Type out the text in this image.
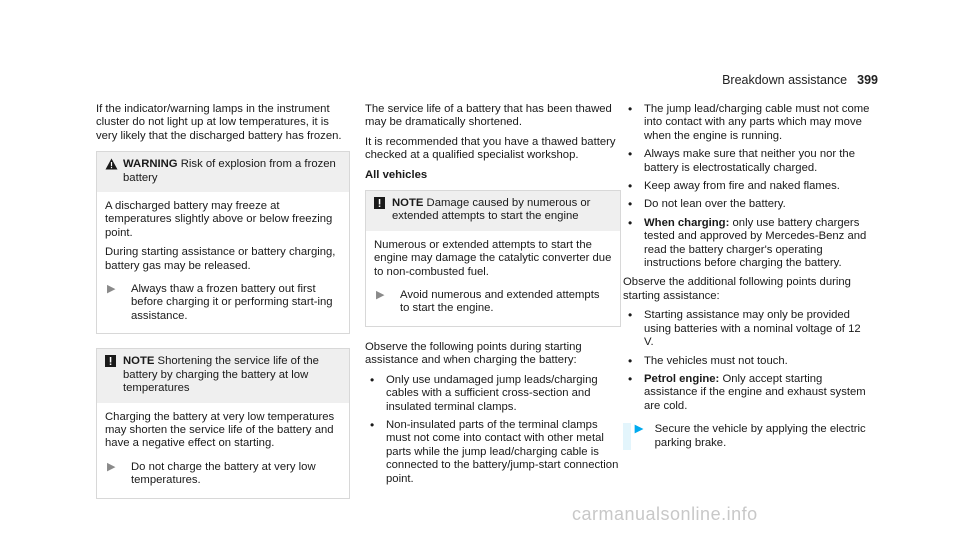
Breakdown assistance 399

If the indicator/warning lamps in the instrument cluster do not light up at low temperatures, it is very likely that the discharged battery has frozen.

WARNING Risk of explosion from a frozen battery

A discharged battery may freeze at temperatures slightly above or below freezing point.

During starting assistance or battery charging, battery gas may be released.

▶	Always thaw a frozen battery out first before charging it or performing start-ing assistance.
NOTE Shortening the service life of the battery by charging the battery at low temperatures

Charging the battery at very low temperatures may shorten the service life of the battery and have a negative effect on starting.

▶	Do not charge the battery at very low temperatures.

The service life of a battery that has been thawed may be dramatically shortened.

It is recommended that you have a thawed battery checked at a qualified specialist workshop.

All vehicles

NOTE Damage caused by numerous or extended attempts to start the engine

Numerous or extended attempts to start the engine may damage the catalytic converter due to non-combusted fuel.

▶	Avoid numerous and extended attempts to start the engine.

Observe the following points during starting assistance and when charging the battery:

•	Only use undamaged jump leads/charging cables with a sufficient cross-section and insulated terminal clamps.
•	Non-insulated parts of the terminal clamps must not come into contact with other metal parts while the jump lead/charging cable is connected to the battery/jump-start connection point.
•	The jump lead/charging cable must not come into contact with any parts which may move when the engine is running.
•	Always make sure that neither you nor the battery is electrostatically charged.
•	Keep away from fire and naked flames.
•	Do not lean over the battery.
•	When charging: only use battery chargers tested and approved by Mercedes-Benz and read the battery charger's operating instructions before charging the battery.

Observe the additional following points during starting assistance:

•	Starting assistance may only be provided using batteries with a nominal voltage of 12 V.
•	The vehicles must not touch.
•	Petrol engine: Only accept starting assistance if the engine and exhaust system are cold.
▶ Secure the vehicle by applying the electric parking brake.
carmanualsonline.info
